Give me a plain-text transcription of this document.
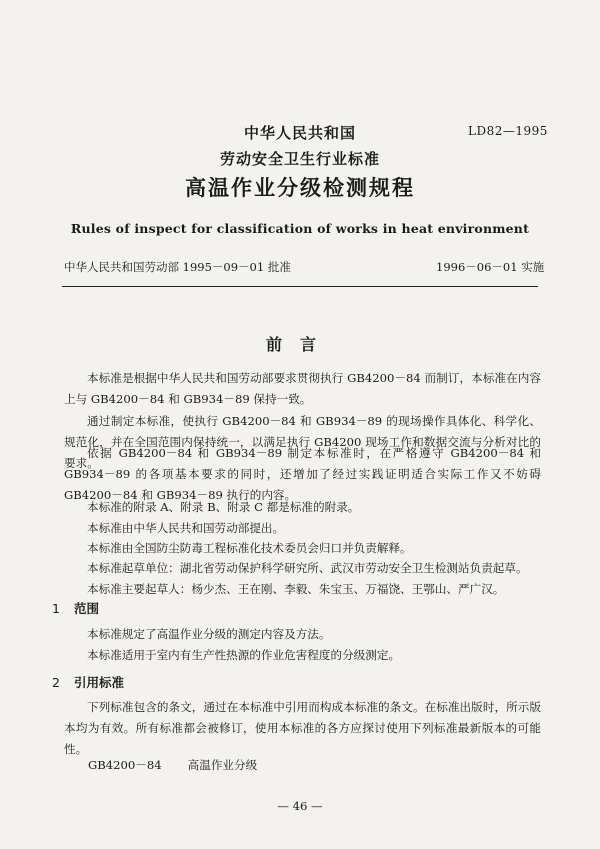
中华人民共和国	LD82—1995
劳动安全卫生行业标准
高温作业分级检测规程
Rules of inspect for classification of works in heat environment
中华人民共和国劳动部 1995－09－01 批准	1996－06－01 实施
前言
本标准是根据中华人民共和国劳动部要求贯彻执行 GB4200－84 而制订，本标准在内容上与 GB4200－84 和 GB934－89 保持一致。
通过制定本标准，使执行 GB4200－84 和 GB934－89 的现场操作具体化、科学化、规范化，并在全国范围内保持统一，以满足执行 GB4200 现场工作和数据交流与分析对比的要求。
依据 GB4200－84 和 GB934－89 制定本标准时，在严格遵守 GB4200－84 和 GB934－89 的各项基本要求的同时，还增加了经过实践证明适合实际工作又不妨碍 GB4200－84 和 GB934－89 执行的内容。
本标准的附录 A、附录 B、附录 C 都是标准的附录。
本标准由中华人民共和国劳动部提出。
本标准由全国防尘防毒工程标准化技术委员会归口并负责解释。
本标准起草单位：湖北省劳动保护科学研究所、武汉市劳动安全卫生检测站负责起草。
本标准主要起草人：杨少杰、王在刚、李毅、朱宝玉、万福饶、王鄂山、严广汉。
1 范围
本标准规定了高温作业分级的测定内容及方法。
本标准适用于室内有生产性热源的作业危害程度的分级测定。
2 引用标准
下列标准包含的条文，通过在本标准中引用而构成本标准的条文。在标准出版时，所示版本均为有效。所有标准都会被修订，使用本标准的各方应探讨使用下列标准最新版本的可能性。
GB4200－84 高温作业分级
— 46 —
